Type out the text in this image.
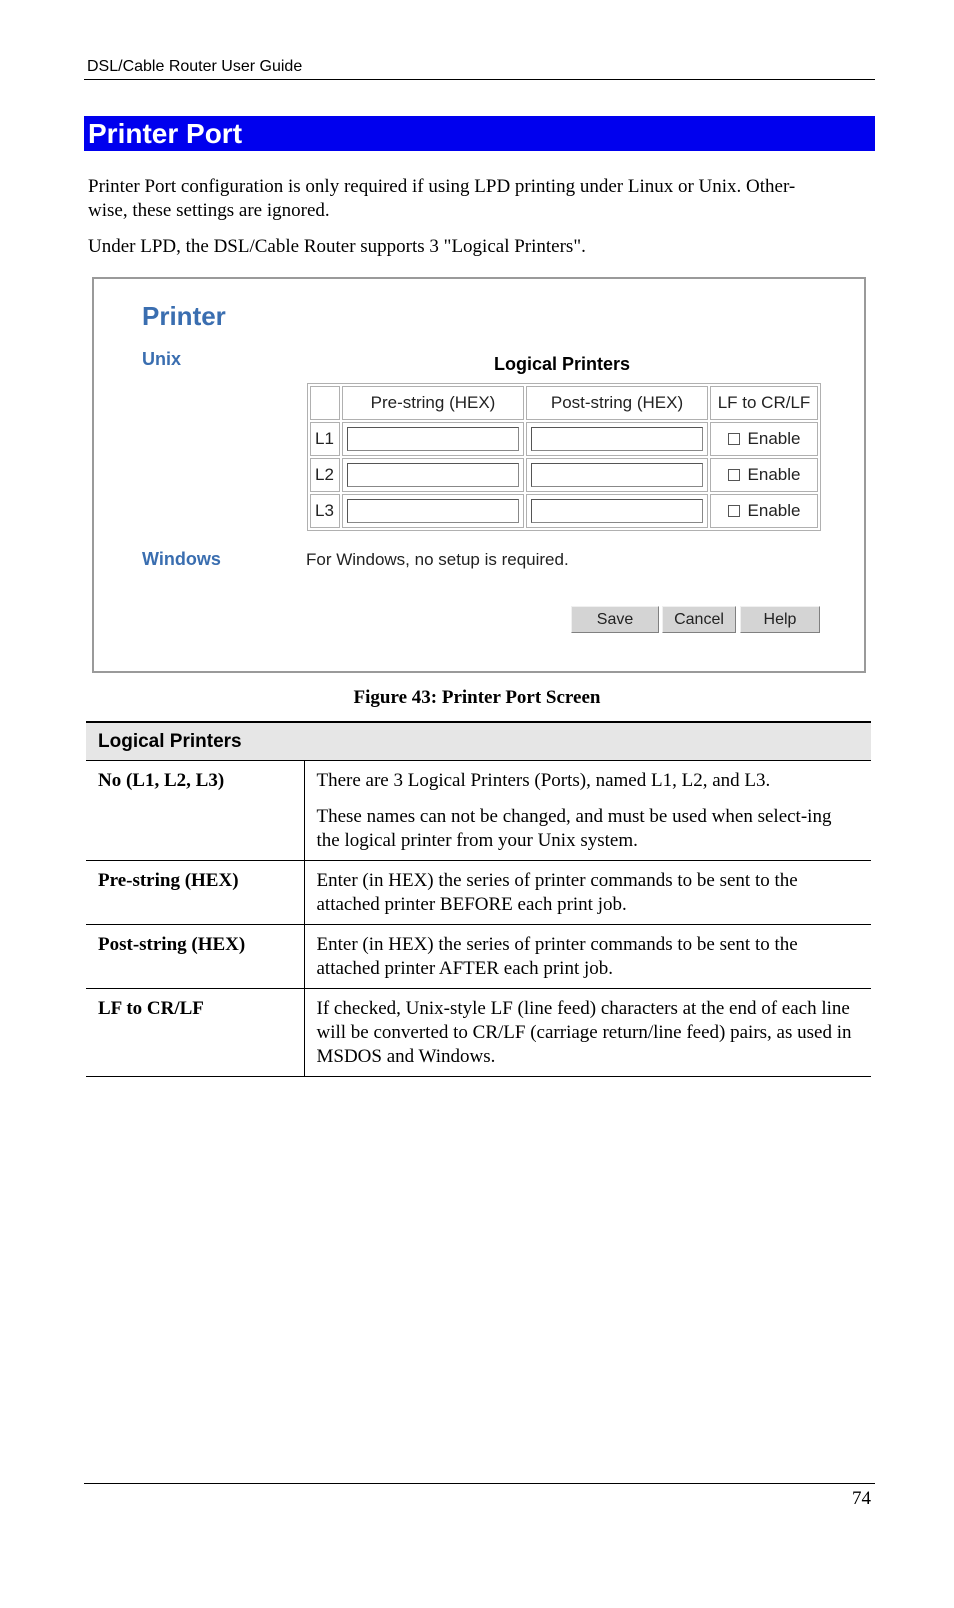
DSL/Cable Router User Guide
Printer Port
Printer Port configuration is only required if using LPD printing under Linux or Unix. Other-
wise, these settings are ignored.
Under LPD, the DSL/Cable Router supports 3 "Logical Printers".
Printer
Unix	Logical Printers
	Pre-string (HEX)	Post-string (HEX)	LF to CR/LF
L1			Enable

L2			Enable

L3			Enable
Windows	For Windows, no setup is required.
Save	Cancel	Help
Figure 43: Printer Port Screen
Logical Printers	
No (L1, L2, L3)	There are 3 Logical Printers (Ports), named L1, L2, and L3.

These names can not be changed, and must be used when select-ing the logical printer from your Unix system.

Pre-string (HEX)	Enter (in HEX) the series of printer commands to be sent to the attached printer BEFORE each print job.

Post-string (HEX)	Enter (in HEX) the series of printer commands to be sent to the attached printer AFTER each print job.

LF to CR/LF	If checked, Unix-style LF (line feed) characters at the end of each line will be converted to CR/LF (carriage return/line feed) pairs, as used in MSDOS and Windows.

74
